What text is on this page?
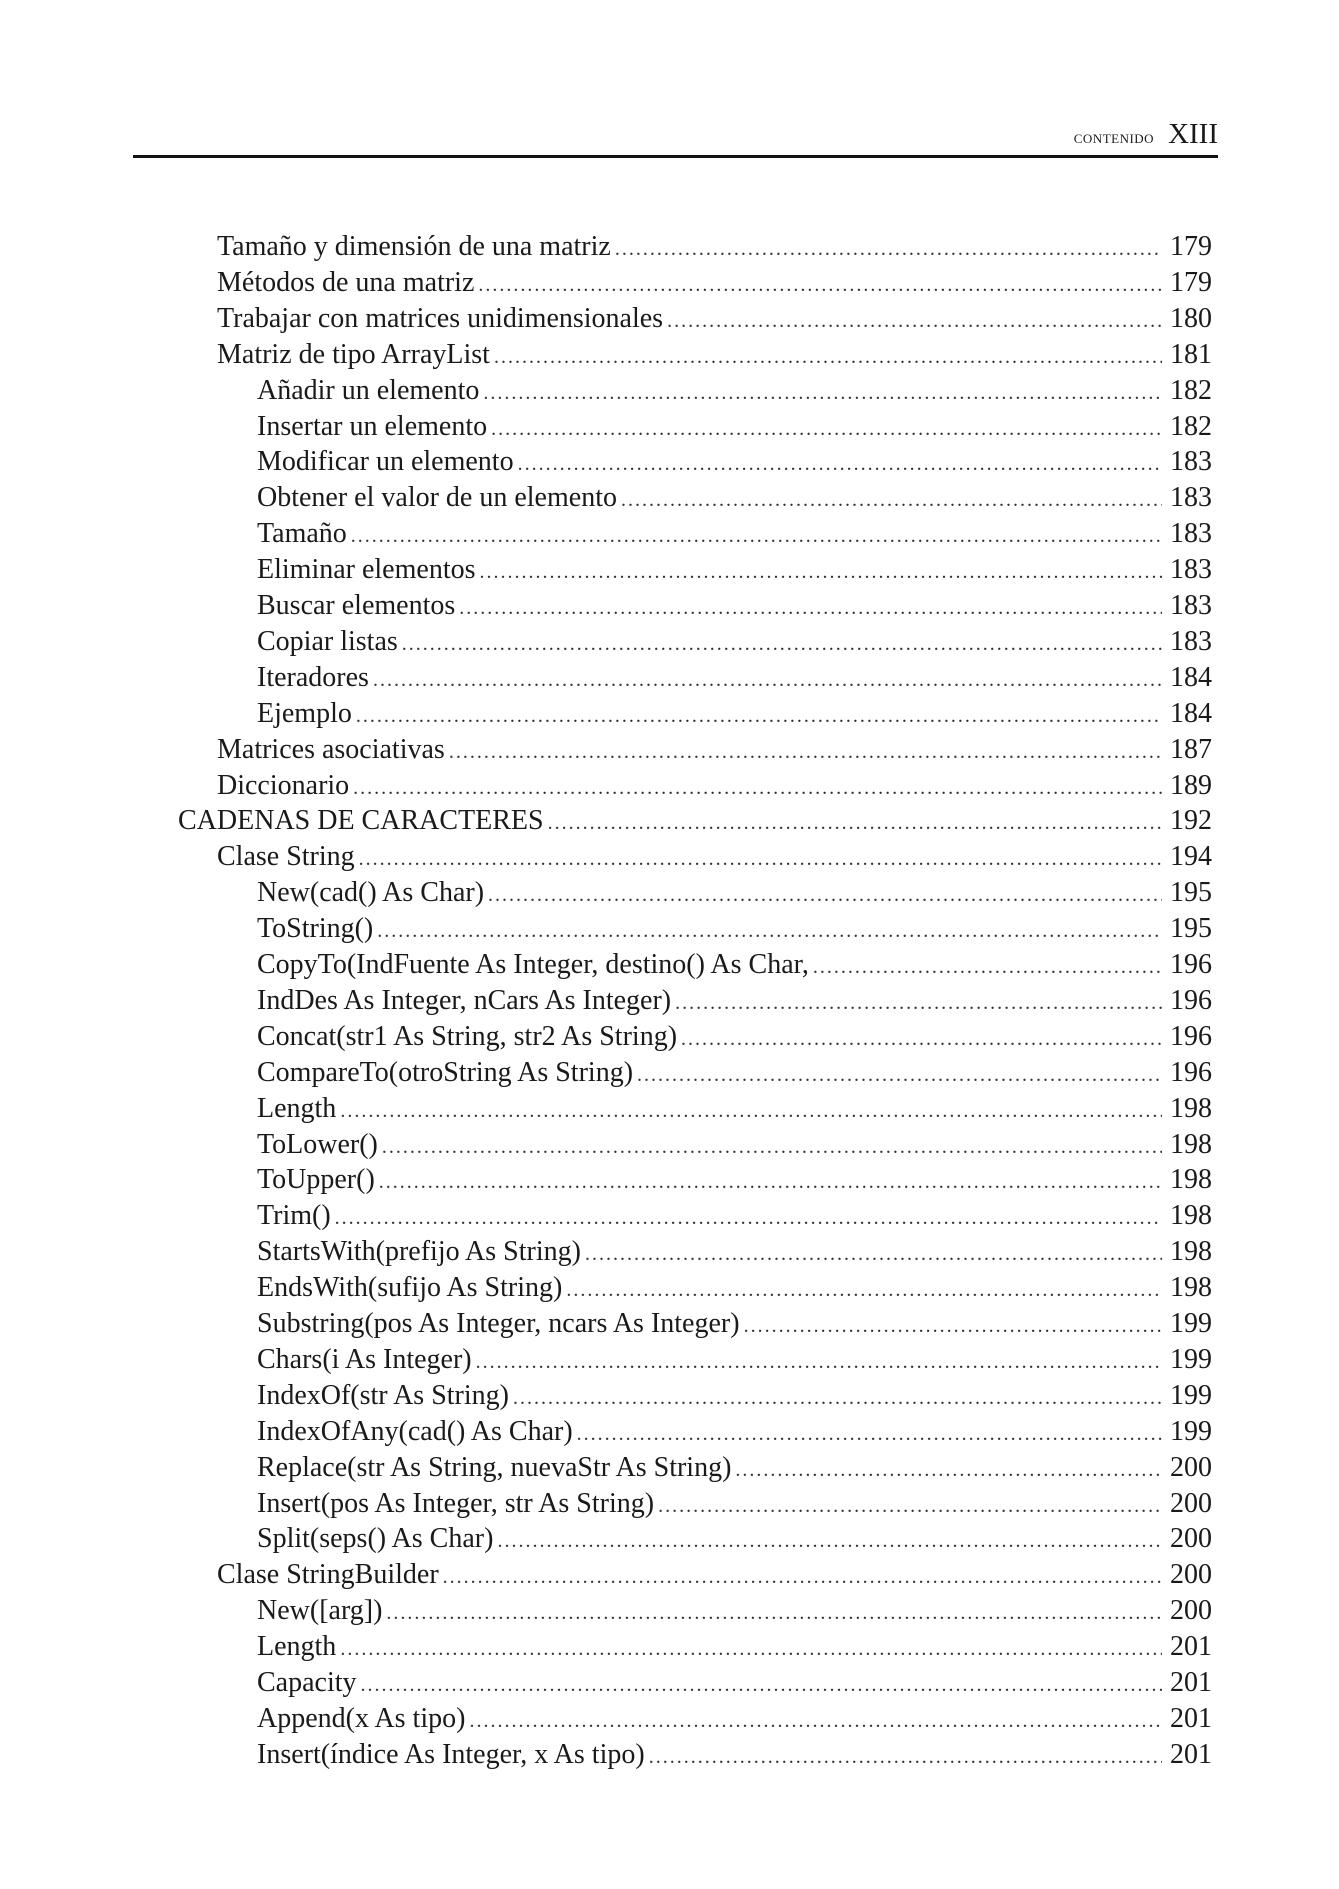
contenido XIII
Tamaño y dimensión de una matriz .....	179
Métodos de una matriz .....	179
Trabajar con matrices unidimensionales .....	180
Matriz de tipo ArrayList .....	181
Añadir un elemento .....	182
Insertar un elemento .....	182
Modificar un elemento .....	183
Obtener el valor de un elemento .....	183
Tamaño .....	183
Eliminar elementos .....	183
Buscar elementos .....	183
Copiar listas .....	183
Iteradores .....	184
Ejemplo .....	184
Matrices asociativas .....	187
Diccionario .....	189
CADENAS DE CARACTERES .....	192
Clase String .....	194
New(cad() As Char) .....	195
ToString() .....	195
CopyTo(IndFuente As Integer, destino() As Char, .....	196
IndDes As Integer, nCars As Integer) .....	196
Concat(str1 As String, str2 As String) .....	196
CompareTo(otroString As String) .....	196
Length .....	198
ToLower() .....	198
ToUpper() .....	198
Trim() .....	198
StartsWith(prefijo As String) .....	198
EndsWith(sufijo As String) .....	198
Substring(pos As Integer, ncars As Integer) .....	199
Chars(i As Integer) .....	199
IndexOf(str As String) .....	199
IndexOfAny(cad() As Char) .....	199
Replace(str As String, nuevaStr As String) .....	200
Insert(pos As Integer, str As String) .....	200
Split(seps() As Char) .....	200
Clase StringBuilder .....	200
New([arg]) .....	200
Length .....	201
Capacity .....	201
Append(x As tipo) .....	201
Insert(índice As Integer, x As tipo) .....	201
